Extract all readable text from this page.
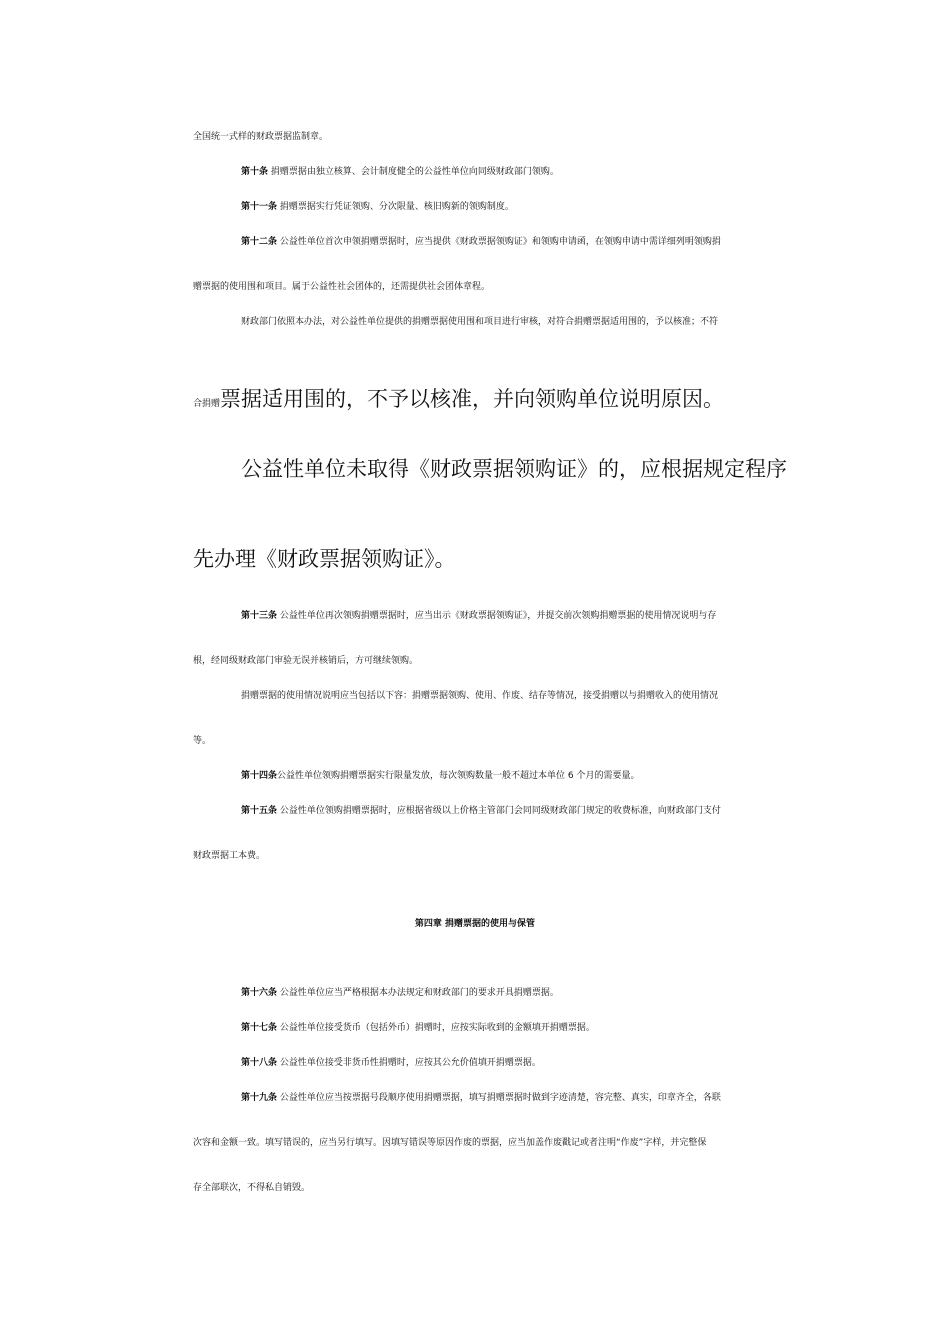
全国统一式样的财政票据监制章。
第十条 捐赠票据由独立核算、会计制度健全的公益性单位向同级财政部门领购。
第十一条 捐赠票据实行凭证领购、分次限量、核旧购新的领购制度。
第十二条 公益性单位首次申领捐赠票据时，应当提供《财政票据领购证》和领购申请函，在领购申请中需详细列明领购捐
赠票据的使用围和项目。属于公益性社会团体的，还需提供社会团体章程。
财政部门依照本办法，对公益性单位提供的捐赠票据使用围和项目进行审核，对符合捐赠票据适用围的，予以核准；不符
合捐赠票据适用围的，不予以核准，并向领购单位说明原因。
公益性单位未取得《财政票据领购证》的，应根据规定程序
先办理《财政票据领购证》。
第十三条 公益性单位再次领购捐赠票据时，应当出示《财政票据领购证》，并提交前次领购捐赠票据的使用情况说明与存
根，经同级财政部门审验无误并核销后，方可继续领购。
捐赠票据的使用情况说明应当包括以下容：捐赠票据领购、使用、作废、结存等情况，接受捐赠以与捐赠收入的使用情况
等。
第十四条公益性单位领购捐赠票据实行限量发放，每次领购数量一般不超过本单位 6 个月的需要量。
第十五条 公益性单位领购捐赠票据时，应根据省级以上价格主管部门会同同级财政部门规定的收费标准，向财政部门支付
财政票据工本费。
第四章 捐赠票据的使用与保管
第十六条 公益性单位应当严格根据本办法规定和财政部门的要求开具捐赠票据。
第十七条 公益性单位接受货币（包括外币）捐赠时，应按实际收到的金额填开捐赠票据。
第十八条 公益性单位接受非货币性捐赠时，应按其公允价值填开捐赠票据。
第十九条 公益性单位应当按票据号段顺序使用捐赠票据，填写捐赠票据时做到字迹清楚，容完整、真实，印章齐全，各联
次容和金额一致。填写错误的，应当另行填写。因填写错误等原因作废的票据，应当加盖作废戳记或者注明“作废”字样，并完整保
存全部联次，不得私自销毁。
